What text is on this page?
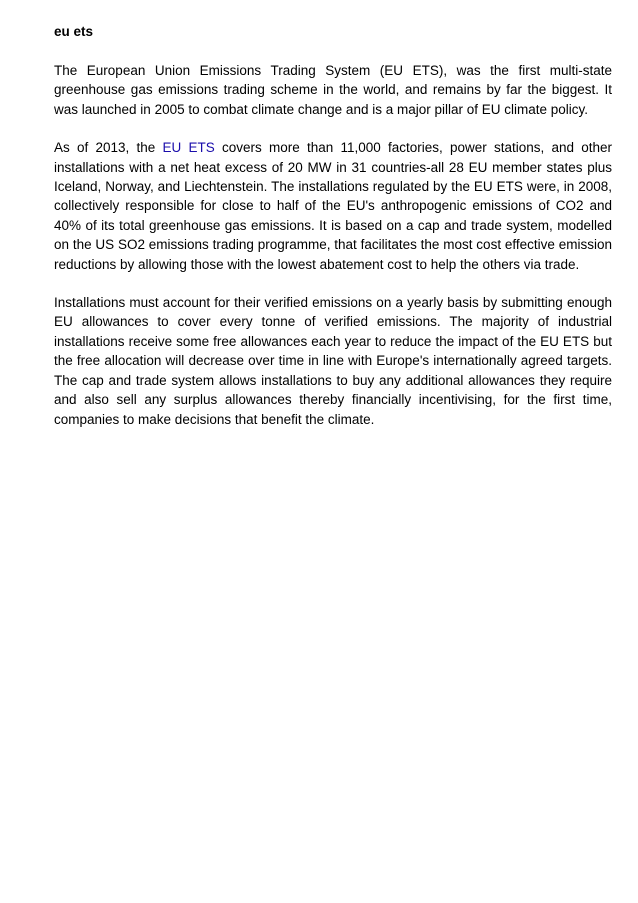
eu ets

The European Union Emissions Trading System (EU ETS), was the first multi-state greenhouse gas emissions trading scheme in the world, and remains by far the biggest. It was launched in 2005 to combat climate change and is a major pillar of EU climate policy.

As of 2013, the EU ETS covers more than 11,000 factories, power stations, and other installations with a net heat excess of 20 MW in 31 countries-all 28 EU member states plus Iceland, Norway, and Liechtenstein. The installations regulated by the EU ETS were, in 2008, collectively responsible for close to half of the EU's anthropogenic emissions of CO2 and 40% of its total greenhouse gas emissions. It is based on a cap and trade system, modelled on the US SO2 emissions trading programme, that facilitates the most cost effective emission reductions by allowing those with the lowest abatement cost to help the others via trade.

Installations must account for their verified emissions on a yearly basis by submitting enough EU allowances to cover every tonne of verified emissions. The majority of industrial installations receive some free allowances each year to reduce the impact of the EU ETS but the free allocation will decrease over time in line with Europe's internationally agreed targets. The cap and trade system allows installations to buy any additional allowances they require and also sell any surplus allowances thereby financially incentivising, for the first time, companies to make decisions that benefit the climate.
